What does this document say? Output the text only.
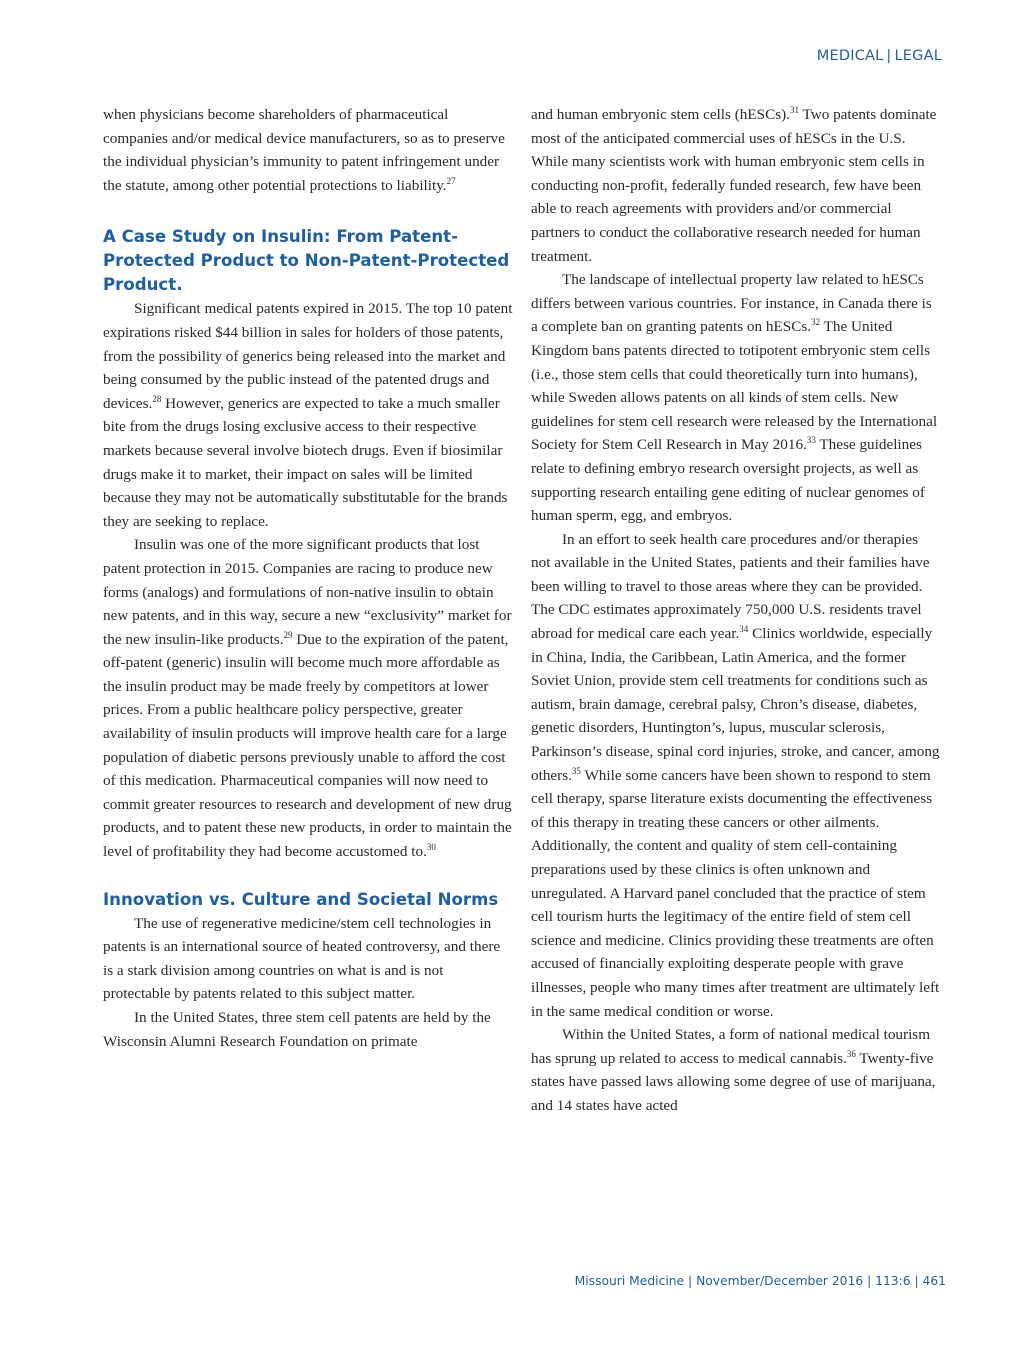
MEDICAL | LEGAL

when physicians become shareholders of pharmaceutical companies and/or medical device manufacturers, so as to preserve the individual physician’s immunity to patent infringement under the statute, among other potential protections to liability.$^{27}$

A Case Study on Insulin: From Patent-Protected Product to Non-Patent-Protected Product.

Significant medical patents expired in 2015. The top 10 patent expirations risked $44 billion in sales for holders of those patents, from the possibility of generics being released into the market and being consumed by the public instead of the patented drugs and devices.$^{28}$ However, generics are expected to take a much smaller bite from the drugs losing exclusive access to their respective markets because several involve biotech drugs. Even if biosimilar drugs make it to market, their impact on sales will be limited because they may not be automatically substitutable for the brands they are seeking to replace.

Insulin was one of the more significant products that lost patent protection in 2015. Companies are racing to produce new forms (analogs) and formulations of non-native insulin to obtain new patents, and in this way, secure a new “exclusivity” market for the new insulin-like products.$^{29}$ Due to the expiration of the patent, off-patent (generic) insulin will become much more affordable as the insulin product may be made freely by competitors at lower prices. From a public healthcare policy perspective, greater availability of insulin products will improve health care for a large population of diabetic persons previously unable to afford the cost of this medication. Pharmaceutical companies will now need to commit greater resources to research and development of new drug products, and to patent these new products, in order to maintain the level of profitability they had become accustomed to.$^{30}$

Innovation vs. Culture and Societal Norms

The use of regenerative medicine/stem cell technologies in patents is an international source of heated controversy, and there is a stark division among countries on what is and is not protectable by patents related to this subject matter.

In the United States, three stem cell patents are held by the Wisconsin Alumni Research Foundation on primate

and human embryonic stem cells (hESCs).$^{31}$ Two patents dominate most of the anticipated commercial uses of hESCs in the U.S. While many scientists work with human embryonic stem cells in conducting non-profit, federally funded research, few have been able to reach agreements with providers and/or commercial partners to conduct the collaborative research needed for human treatment.

The landscape of intellectual property law related to hESCs differs between various countries. For instance, in Canada there is a complete ban on granting patents on hESCs.$^{32}$ The United Kingdom bans patents directed to totipotent embryonic stem cells (i.e., those stem cells that could theoretically turn into humans), while Sweden allows patents on all kinds of stem cells. New guidelines for stem cell research were released by the International Society for Stem Cell Research in May 2016.33 These guidelines relate to defining embryo research oversight projects, as well as supporting research entailing gene editing of nuclear genomes of human sperm, egg, and embryos.

In an effort to seek health care procedures and/or therapies not available in the United States, patients and their families have been willing to travel to those areas where they can be provided. The CDC estimates approximately 750,000 U.S. residents travel abroad for medical care each year.$^{34}$ Clinics worldwide, especially in China, India, the Caribbean, Latin America, and the former Soviet Union, provide stem cell treatments for conditions such as autism, brain damage, cerebral palsy, Chron’s disease, diabetes, genetic disorders, Huntington’s, lupus, muscular sclerosis, Parkinson’s disease, spinal cord injuries, stroke, and cancer, among others.$^{35}$ While some cancers have been shown to respond to stem cell therapy, sparse literature exists documenting the effectiveness of this therapy in treating these cancers or other ailments. Additionally, the content and quality of stem cell-containing preparations used by these clinics is often unknown and unregulated. A Harvard panel concluded that the practice of stem cell tourism hurts the legitimacy of the entire field of stem cell science and medicine. Clinics providing these treatments are often accused of financially exploiting desperate people with grave illnesses, people who many times after treatment are ultimately left in the same medical condition or worse.

Within the United States, a form of national medical tourism has sprung up related to access to medical cannabis.$^{36}$ Twenty-five states have passed laws allowing some degree of use of marijuana, and 14 states have acted

Missouri Medicine | November/December 2016 | 113:6 | 461
